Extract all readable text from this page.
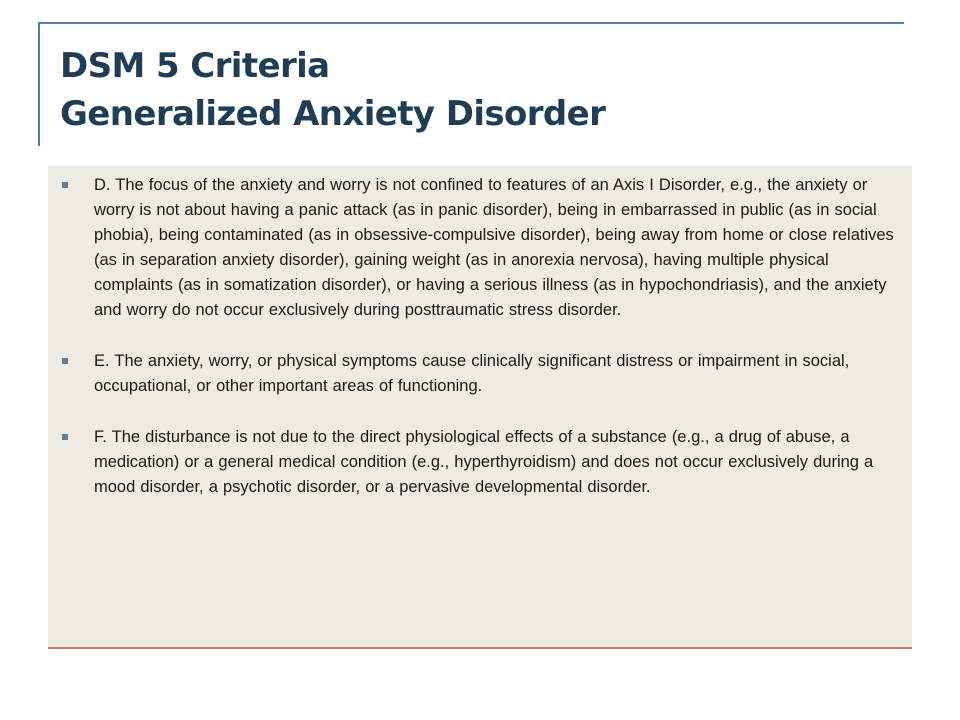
DSM 5 Criteria
Generalized Anxiety Disorder
D. The focus of the anxiety and worry is not confined to features of an Axis I Disorder, e.g., the anxiety or worry is not about having a panic attack (as in panic disorder), being in embarrassed in public (as in social phobia), being contaminated (as in obsessive-compulsive disorder), being away from home or close relatives (as in separation anxiety disorder), gaining weight (as in anorexia nervosa), having multiple physical complaints (as in somatization disorder), or having a serious illness (as in hypochondriasis), and the anxiety and worry do not occur exclusively during posttraumatic stress disorder.
E. The anxiety, worry, or physical symptoms cause clinically significant distress or impairment in social, occupational, or other important areas of functioning.
F. The disturbance is not due to the direct physiological effects of a substance (e.g., a drug of abuse, a medication) or a general medical condition (e.g., hyperthyroidism) and does not occur exclusively during a mood disorder, a psychotic disorder, or a pervasive developmental disorder.
